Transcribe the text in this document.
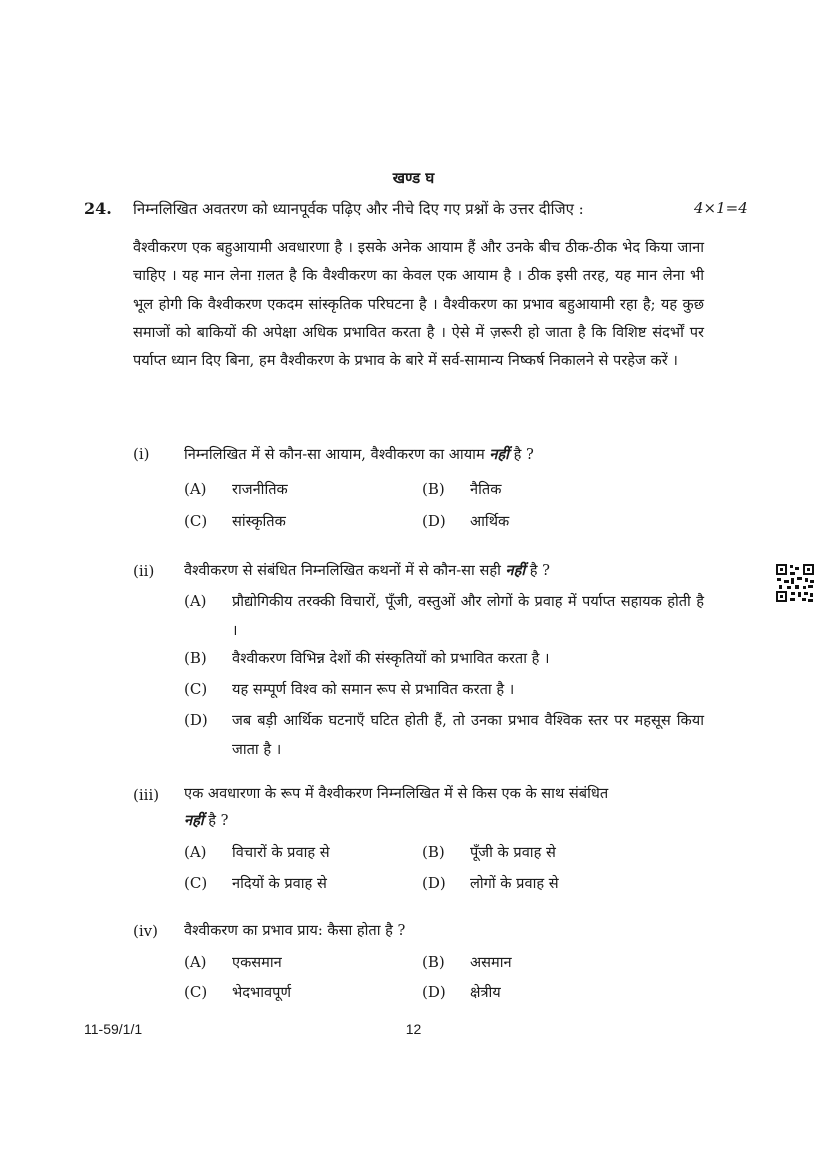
खण्ड घ
24. निम्नलिखित अवतरण को ध्यानपूर्वक पढ़िए और नीचे दिए गए प्रश्नों के उत्तर दीजिए :	4×1=4
वैश्वीकरण एक बहुआयामी अवधारणा है । इसके अनेक आयाम हैं और उनके बीच ठीक-ठीक भेद किया जाना चाहिए । यह मान लेना ग़लत है कि वैश्वीकरण का केवल एक आयाम है । ठीक इसी तरह, यह मान लेना भी भूल होगी कि वैश्वीकरण एकदम सांस्कृतिक परिघटना है । वैश्वीकरण का प्रभाव बहुआयामी रहा है; यह कुछ समाजों को बाकियों की अपेक्षा अधिक प्रभावित करता है । ऐसे में ज़रूरी हो जाता है कि विशिष्ट संदर्भों पर पर्याप्त ध्यान दिए बिना, हम वैश्वीकरण के प्रभाव के बारे में सर्व-सामान्य निष्कर्ष निकालने से परहेज करें ।
(i) निम्नलिखित में से कौन-सा आयाम, वैश्वीकरण का आयाम नहीं है ?
(A) राजनीतिक	(B) नैतिक
(C) सांस्कृतिक	(D) आर्थिक
(ii) वैश्वीकरण से संबंधित निम्नलिखित कथनों में से कौन-सा सही नहीं है ?
(A) प्रौद्योगिकीय तरक्की विचारों, पूँजी, वस्तुओं और लोगों के प्रवाह में पर्याप्त सहायक होती है ।
(B) वैश्वीकरण विभिन्न देशों की संस्कृतियों को प्रभावित करता है ।
(C) यह सम्पूर्ण विश्व को समान रूप से प्रभावित करता है ।
(D) जब बड़ी आर्थिक घटनाएँ घटित होती हैं, तो उनका प्रभाव वैश्विक स्तर पर महसूस किया जाता है ।
(iii) एक अवधारणा के रूप में वैश्वीकरण निम्नलिखित में से किस एक के साथ संबंधित
नहीं है ?
(A) विचारों के प्रवाह से	(B) पूँजी के प्रवाह से
(C) नदियों के प्रवाह से	(D) लोगों के प्रवाह से
(iv) वैश्वीकरण का प्रभाव प्राय: कैसा होता है ?
(A) एकसमान	(B) असमान
(C) भेदभावपूर्ण	(D) क्षेत्रीय
11-59/1/1	12
